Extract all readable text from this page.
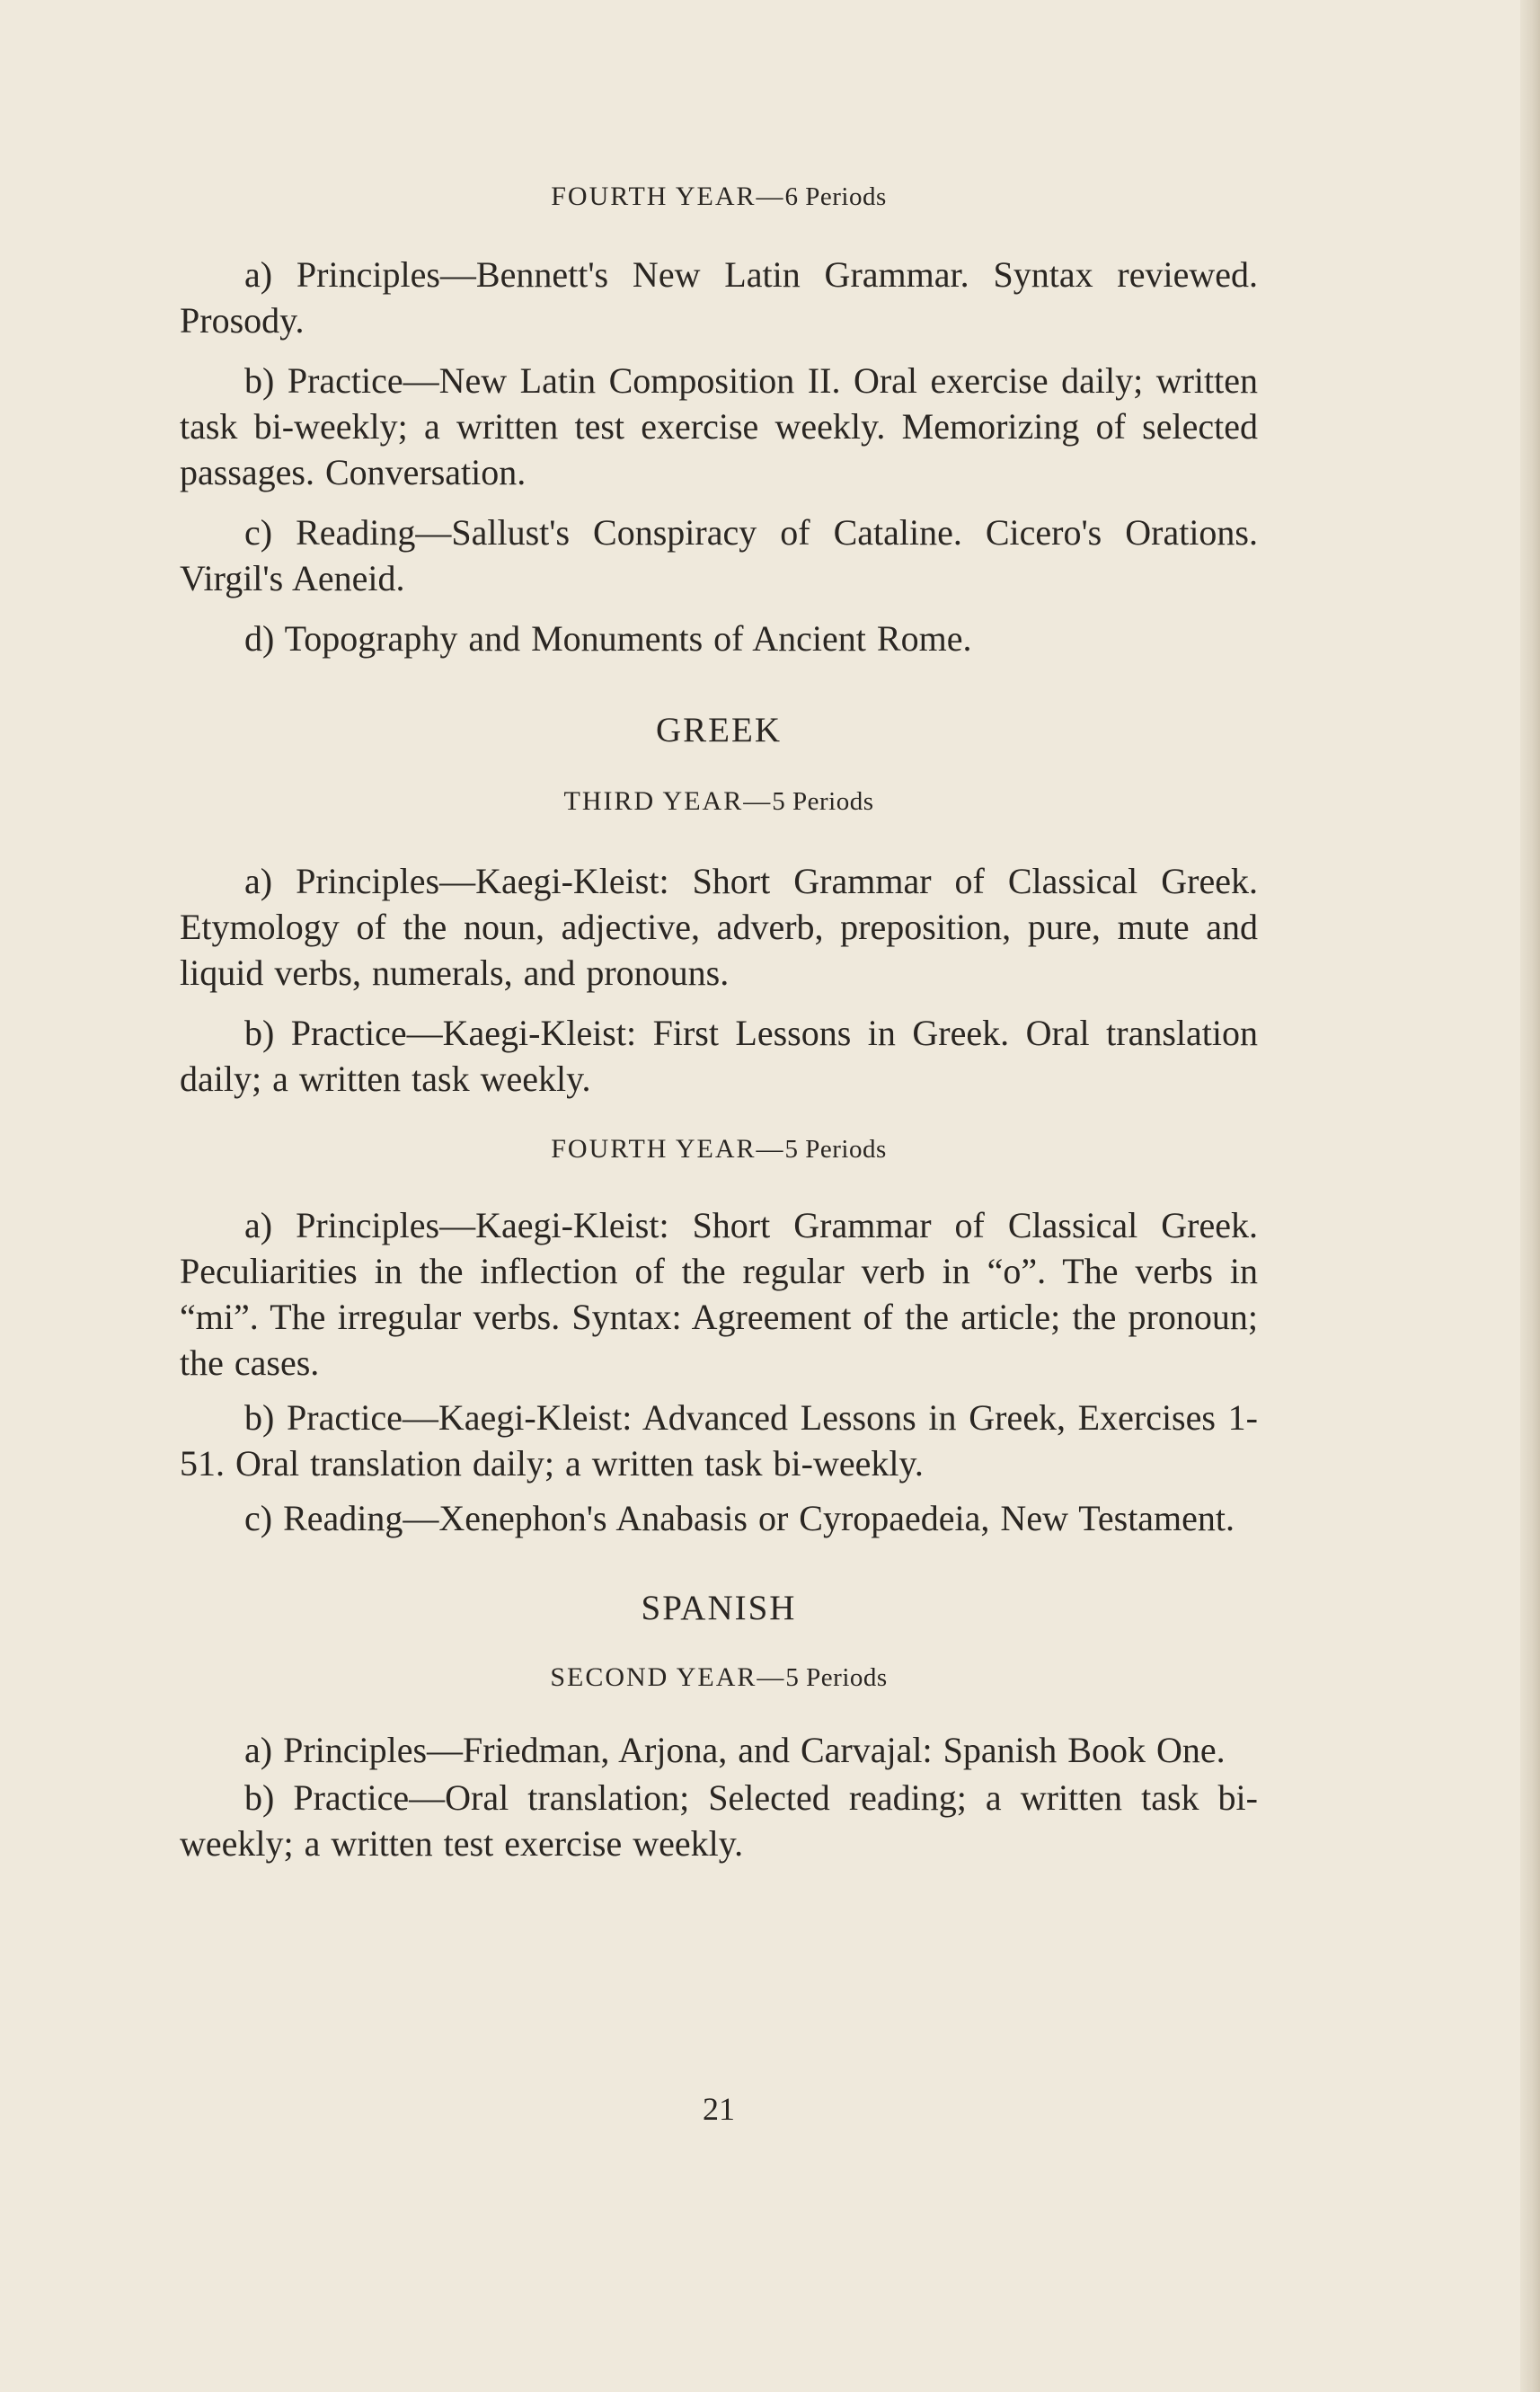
FOURTH YEAR—6 Periods

a) Principles—Bennett's New Latin Grammar. Syntax reviewed. Prosody.

b) Practice—New Latin Composition II. Oral exercise daily; written task bi-weekly; a written test exercise weekly. Memorizing of selected passages. Conversation.

c) Reading—Sallust's Conspiracy of Cataline. Cicero's Orations. Virgil's Aeneid.

d) Topography and Monuments of Ancient Rome.

GREEK

THIRD YEAR—5 Periods

a) Principles—Kaegi-Kleist: Short Grammar of Classical Greek. Etymology of the noun, adjective, adverb, preposition, pure, mute and liquid verbs, numerals, and pronouns.

b) Practice—Kaegi-Kleist: First Lessons in Greek. Oral translation daily; a written task weekly.

FOURTH YEAR—5 Periods

a) Principles—Kaegi-Kleist: Short Grammar of Classical Greek. Peculiarities in the inflection of the regular verb in “o”. The verbs in “mi”. The irregular verbs. Syntax: Agreement of the article; the pronoun; the cases.

b) Practice—Kaegi-Kleist: Advanced Lessons in Greek, Exercises 1-51. Oral translation daily; a written task bi-weekly.

c) Reading—Xenephon's Anabasis or Cyropaedeia, New Testament.

SPANISH

SECOND YEAR—5 Periods

a) Principles—Friedman, Arjona, and Carvajal: Spanish Book One.

b) Practice—Oral translation; Selected reading; a written task bi-weekly; a written test exercise weekly.

21
